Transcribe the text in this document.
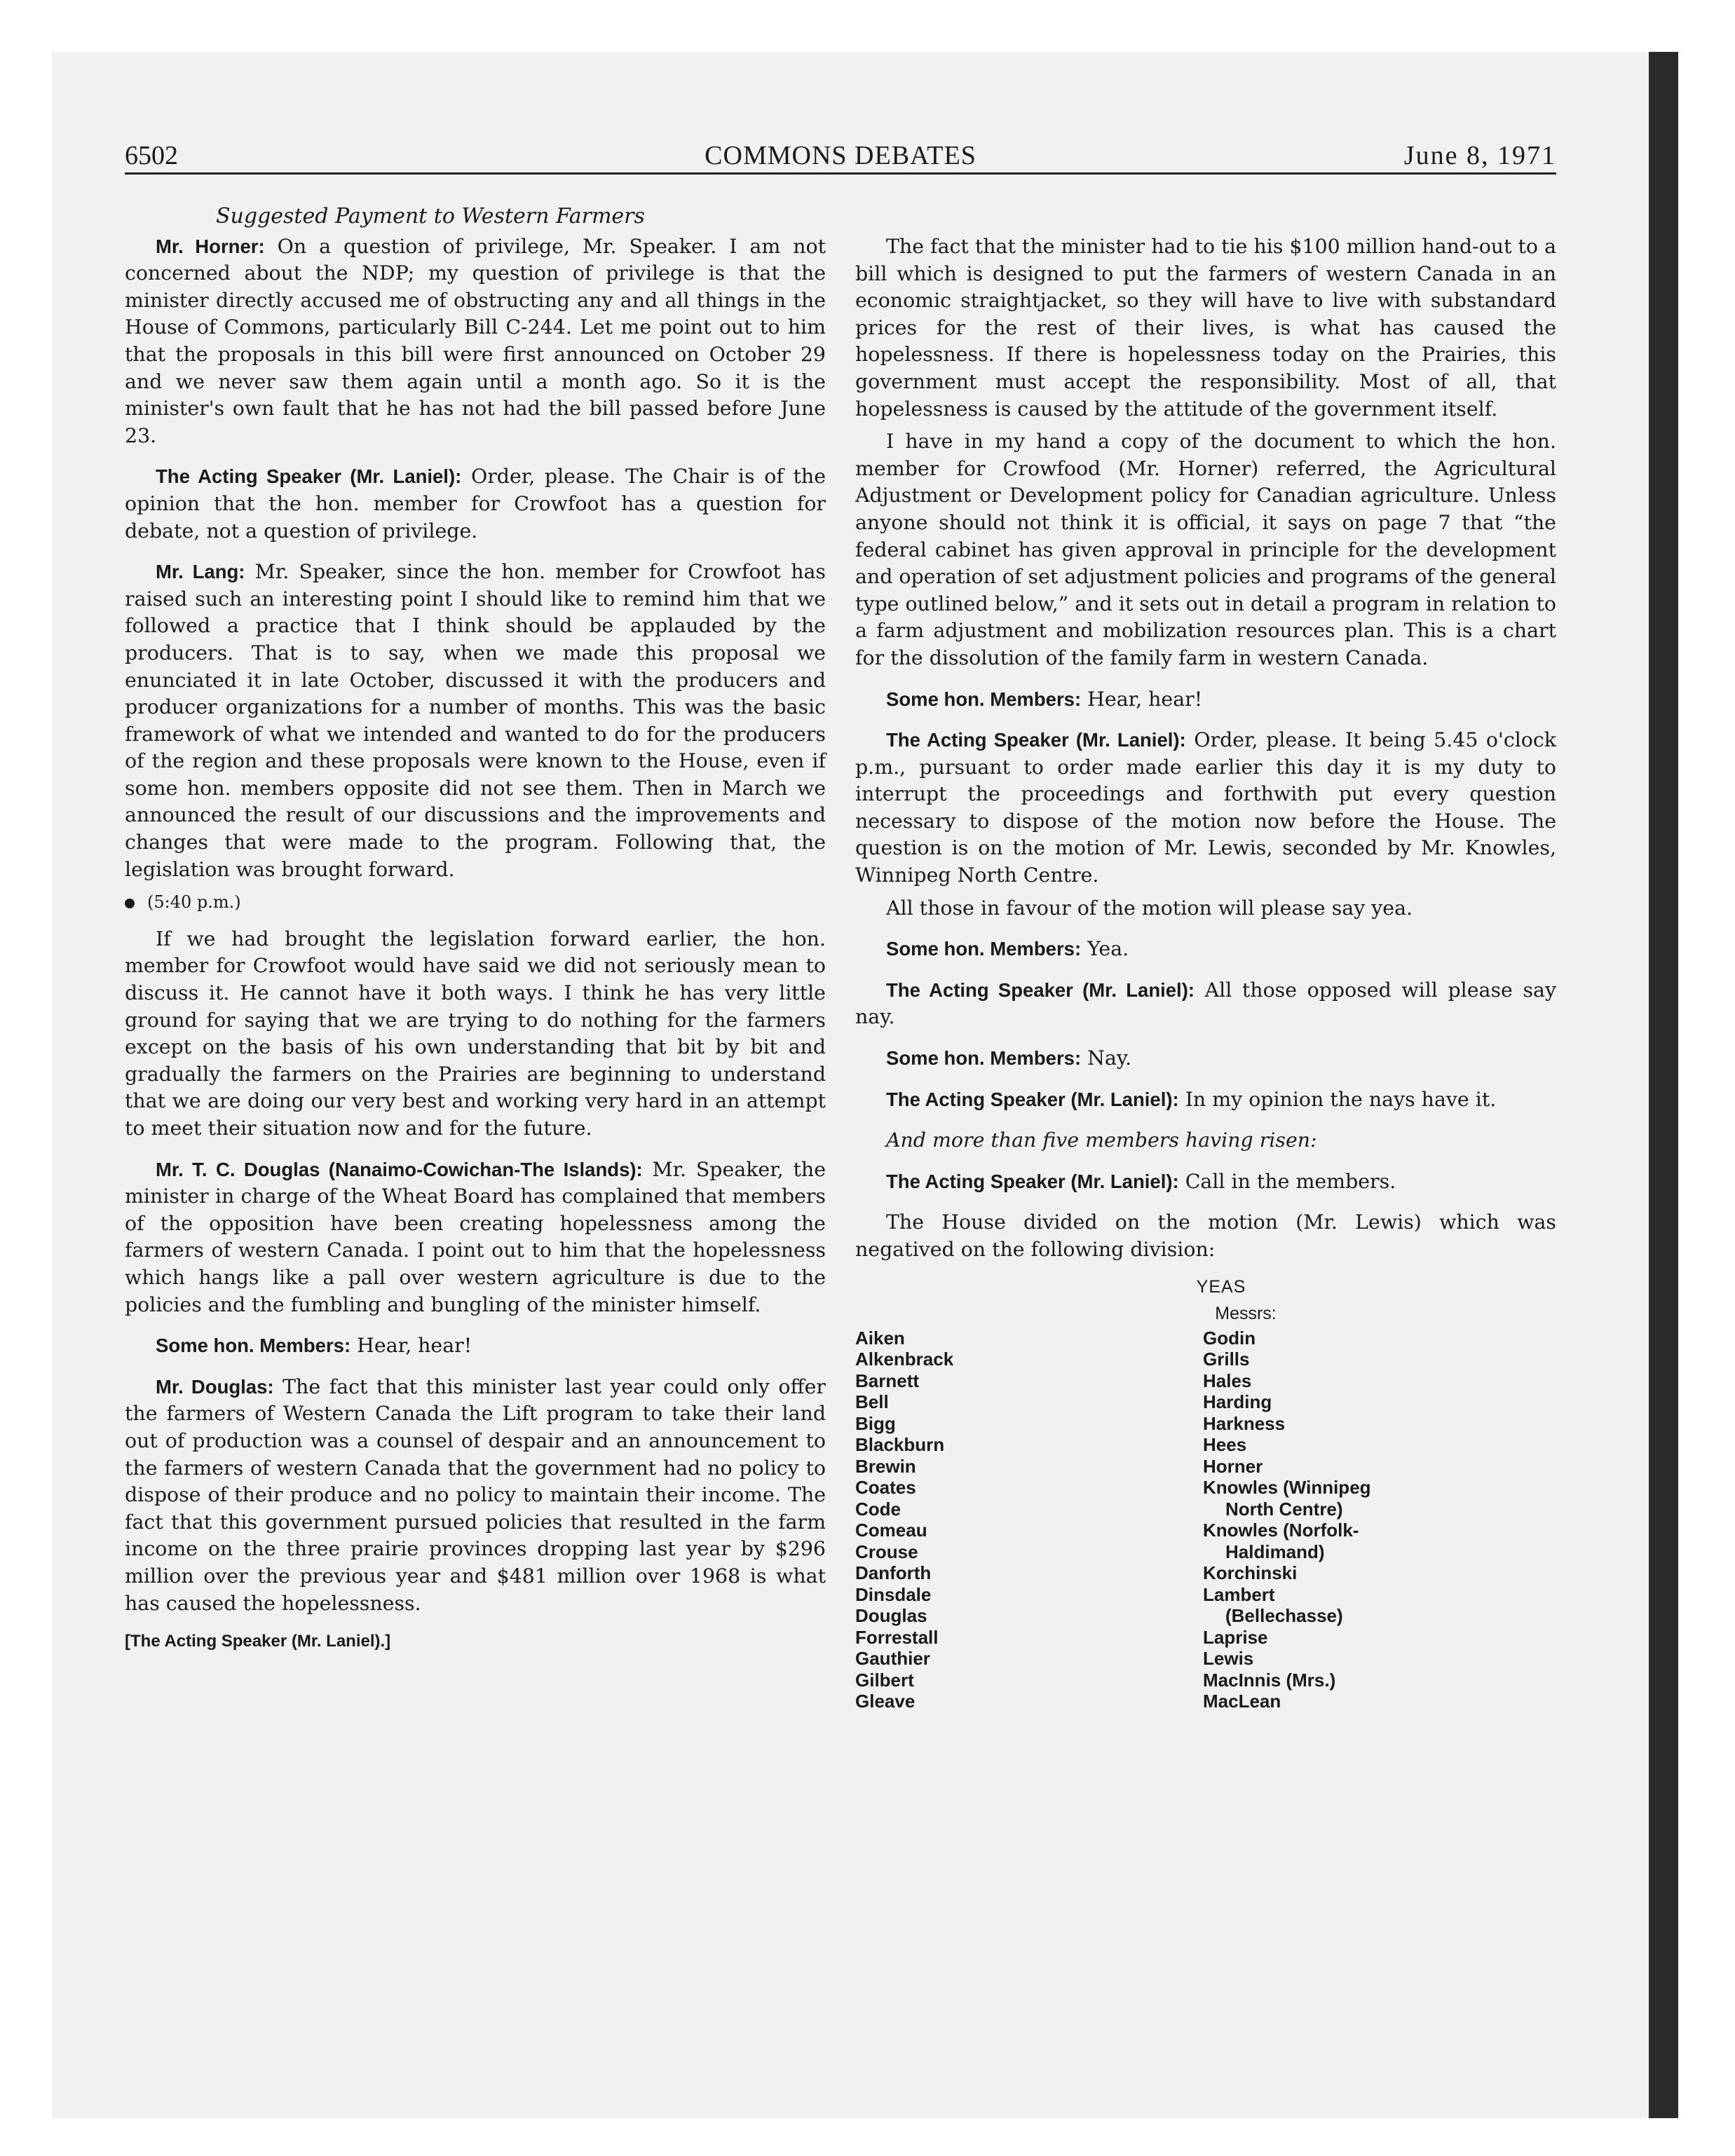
6502	COMMONS DEBATES	June 8, 1971

Suggested Payment to Western Farmers

Mr. Horner: On a question of privilege, Mr. Speaker. I am not concerned about the NDP; my question of privilege is that the minister directly accused me of obstructing any and all things in the House of Commons, particularly Bill C-244. Let me point out to him that the proposals in this bill were first announced on October 29 and we never saw them again until a month ago. So it is the minister's own fault that he has not had the bill passed before June 23.

The Acting Speaker (Mr. Laniel): Order, please. The Chair is of the opinion that the hon. member for Crowfoot has a question for debate, not a question of privilege.

Mr. Lang: Mr. Speaker, since the hon. member for Crowfoot has raised such an interesting point I should like to remind him that we followed a practice that I think should be applauded by the producers. That is to say, when we made this proposal we enunciated it in late October, discussed it with the producers and producer organizations for a number of months. This was the basic framework of what we intended and wanted to do for the producers of the region and these proposals were known to the House, even if some hon. members opposite did not see them. Then in March we announced the result of our discussions and the improvements and changes that were made to the program. Following that, the legislation was brought forward.

(5:40 p.m.)

If we had brought the legislation forward earlier, the hon. member for Crowfoot would have said we did not seriously mean to discuss it. He cannot have it both ways. I think he has very little ground for saying that we are trying to do nothing for the farmers except on the basis of his own understanding that bit by bit and gradually the farmers on the Prairies are beginning to understand that we are doing our very best and working very hard in an attempt to meet their situation now and for the future.

Mr. T. C. Douglas (Nanaimo-Cowichan-The Islands): Mr. Speaker, the minister in charge of the Wheat Board has complained that members of the opposition have been creating hopelessness among the farmers of western Canada. I point out to him that the hopelessness which hangs like a pall over western agriculture is due to the policies and the fumbling and bungling of the minister himself.

Some hon. Members: Hear, hear!

Mr. Douglas: The fact that this minister last year could only offer the farmers of Western Canada the Lift program to take their land out of production was a counsel of despair and an announcement to the farmers of western Canada that the government had no policy to dispose of their produce and no policy to maintain their income. The fact that this government pursued policies that resulted in the farm income on the three prairie provinces dropping last year by $296 million over the previous year and $481 million over 1968 is what has caused the hopelessness.

[The Acting Speaker (Mr. Laniel).]

The fact that the minister had to tie his $100 million hand-out to a bill which is designed to put the farmers of western Canada in an economic straightjacket, so they will have to live with substandard prices for the rest of their lives, is what has caused the hopelessness. If there is hopelessness today on the Prairies, this government must accept the responsibility. Most of all, that hopelessness is caused by the attitude of the government itself.

I have in my hand a copy of the document to which the hon. member for Crowfood (Mr. Horner) referred, the Agricultural Adjustment or Development policy for Canadian agriculture. Unless anyone should not think it is official, it says on page 7 that “the federal cabinet has given approval in principle for the development and operation of set adjustment policies and programs of the general type outlined below,” and it sets out in detail a program in relation to a farm adjustment and mobilization resources plan. This is a chart for the dissolution of the family farm in western Canada.

Some hon. Members: Hear, hear!

The Acting Speaker (Mr. Laniel): Order, please. It being 5.45 o'clock p.m., pursuant to order made earlier this day it is my duty to interrupt the proceedings and forthwith put every question necessary to dispose of the motion now before the House. The question is on the motion of Mr. Lewis, seconded by Mr. Knowles, Winnipeg North Centre.

All those in favour of the motion will please say yea.

Some hon. Members: Yea.

The Acting Speaker (Mr. Laniel): All those opposed will please say nay.

Some hon. Members: Nay.

The Acting Speaker (Mr. Laniel): In my opinion the nays have it.

And more than five members having risen:

The Acting Speaker (Mr. Laniel): Call in the members.

The House divided on the motion (Mr. Lewis) which was negatived on the following division:

YEAS

Messrs:

Aiken
Alkenbrack
Barnett
Bell
Bigg
Blackburn
Brewin
Coates
Code
Comeau
Crouse
Danforth
Dinsdale
Douglas
Forrestall
Gauthier
Gilbert
Gleave
Godin
Grills
Hales
Harding
Harkness
Hees
Horner
Knowles (Winnipeg
North Centre)
Knowles (Norfolk-
Haldimand)
Korchinski
Lambert
(Bellechasse)
Laprise
Lewis
MacInnis (Mrs.)
MacLean
